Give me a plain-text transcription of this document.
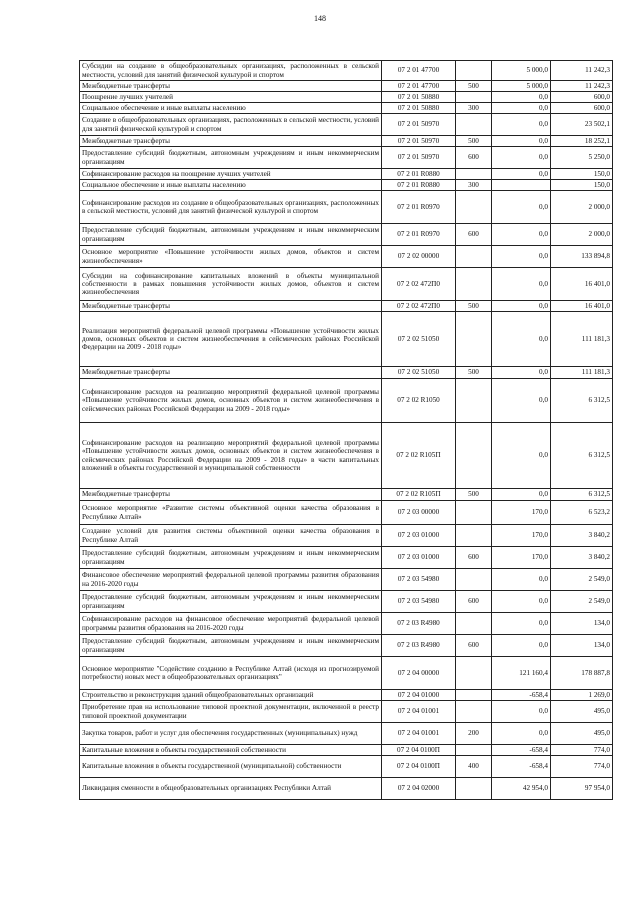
148
Субсидии на создание в общеобразовательных организациях, расположенных в сельской местности, условий для занятий физической культурой и спортом	07 2 01 47700		5 000,0	11 242,3
Межбюджетные трансферты	07 2 01 47700	500	5 000,0	11 242,3
Поощрение лучших учителей	07 2 01 50880		0,0	600,0
Социальное обеспечение и иные выплаты населению	07 2 01 50880	300	0,0	600,0
Создание в общеобразовательных организациях, расположенных в сельской местности, условий для занятий физической культурой и спортом	07 2 01 50970		0,0	23 502,1
Межбюджетные трансферты	07 2 01 50970	500	0,0	18 252,1
Предоставление субсидий бюджетным, автономным учреждениям и иным некоммерческим организациям	07 2 01 50970	600	0,0	5 250,0
Софинансирование расходов на поощрение лучших учителей	07 2 01 R0880		0,0	150,0
Социальное обеспечение и иные выплаты населению	07 2 01 R0880	300		150,0
Софинансирование расходов из создание в общеобразовательных организациях, расположенных в сельской местности, условий для занятий физической культурой и спортом	07 2 01 R0970		0,0	2 000,0
Предоставление субсидий бюджетным, автономным учреждениям и иным некоммерческим организациям	07 2 01 R0970	600	0,0	2 000,0
Основное мероприятие «Повышение устойчивости жилых домов, объектов и систем жизнеобеспечения»	07 2 02 00000		0,0	133 894,8
Субсидии на софинансирование капитальных вложений в объекты муниципальной собственности в рамках повышения устойчивости жилых домов, объектов и систем жизнеобеспечения	07 2 02 472П0		0,0	16 401,0
Межбюджетные трансферты	07 2 02 472П0	500	0,0	16 401,0
Реализация мероприятий федеральной целевой программы «Повышение устойчивости жилых домов, основных объектов и систем жизнеобеспечения в сейсмических районах Российской Федерации на 2009 - 2018 годы»	07 2 02 51050		0,0	111 181,3
Межбюджетные трансферты	07 2 02 51050	500	0,0	111 181,3
Софинансирование расходов на реализацию мероприятий федеральной целевой программы «Повышение устойчивости жилых домов, основных объектов и систем жизнеобеспечения в сейсмических районах Российской Федерации на 2009 - 2018 годы»	07 2 02 R1050		0,0	6 312,5
Софинансирование расходов на реализацию мероприятий федеральной целевой программы «Повышение устойчивости жилых домов, основных объектов и систем жизнеобеспечения в сейсмических районах Российской Федерации на 2009 - 2018 годы» в части капитальных вложений в объекты государственной и муниципальной собственности	07 2 02 R105П		0,0	6 312,5
Межбюджетные трансферты	07 2 02 R105П	500	0,0	6 312,5
Основное мероприятие «Развитие системы объективной оценки качества образования в Республике Алтай»	07 2 03 00000		170,0	6 523,2
Создание условий для развития системы объективной оценки качества образования в Республике Алтай	07 2 03 01000		170,0	3 840,2
Предоставление субсидий бюджетным, автономным учреждениям и иным некоммерческим организациям	07 2 03 01000	600	170,0	3 840,2
Финансовое обеспечение мероприятий федеральной целевой программы развития образования на 2016-2020 годы	07 2 03 54980		0,0	2 549,0
Предоставление субсидий бюджетным, автономным учреждениям и иным некоммерческим организациям	07 2 03 54980	600	0,0	2 549,0
Софинансирование расходов на финансовое обеспечение мероприятий федеральной целевой программы развития образования на 2016-2020 годы	07 2 03 R4980		0,0	134,0
Предоставление субсидий бюджетным, автономным учреждениям и иным некоммерческим организациям	07 2 03 R4980	600	0,0	134,0
Основное мероприятие "Содействие созданию в Республике Алтай (исходя из прогнозируемой потребности) новых мест в общеобразовательных организациях"	07 2 04 00000		121 160,4	178 887,8
Строительство и реконструкция зданий общеобразовательных организаций	07 2 04 01000		-658,4	1 269,0
Приобретение прав на использование типовой проектной документации, включенной в реестр типовой проектной документации	07 2 04 01001		0,0	495,0
Закупка товаров, работ и услуг для обеспечения государственных (муниципальных) нужд	07 2 04 01001	200	0,0	495,0
Капитальные вложения в объекты государственной собственности	07 2 04 0100П		-658,4	774,0
Капитальные вложения в объекты государственной (муниципальной) собственности	07 2 04 0100П	400	-658,4	774,0
Ликвидация сменности в общеобразовательных организациях Республики Алтай	07 2 04 02000		42 954,0	97 954,0
